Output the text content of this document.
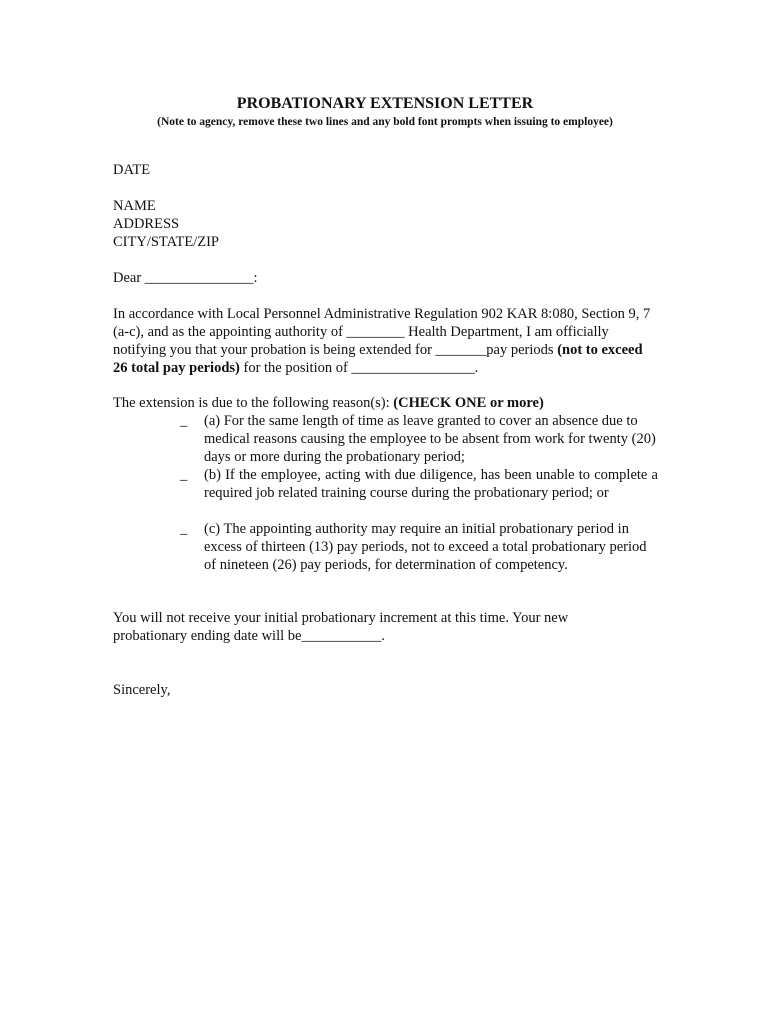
PROBATIONARY EXTENSION LETTER

(Note to agency, remove these two lines and any bold font prompts when issuing to employee)

DATE

NAME

ADDRESS

CITY/STATE/ZIP

Dear _______________:

In accordance with Local Personnel Administrative Regulation 902 KAR 8:080, Section 9, 7 (a-c), and as the appointing authority of ________ Health Department, I am officially notifying you that your probation is being extended for _______pay periods (not to exceed 26 total pay periods) for the position of _________________.

The extension is due to the following reason(s): (CHECK ONE or more)

_ (a) For the same length of time as leave granted to cover an absence due to medical reasons causing the employee to be absent from work for twenty (20) days or more during the probationary period;
_ (b) If the employee, acting with due diligence, has been unable to complete a required job related training course during the probationary period; or
_ (c) The appointing authority may require an initial probationary period in excess of thirteen (13) pay periods, not to exceed a total probationary period of nineteen (26) pay periods, for determination of competency.

You will not receive your initial probationary increment at this time. Your new probationary ending date will be___________.

Sincerely,
